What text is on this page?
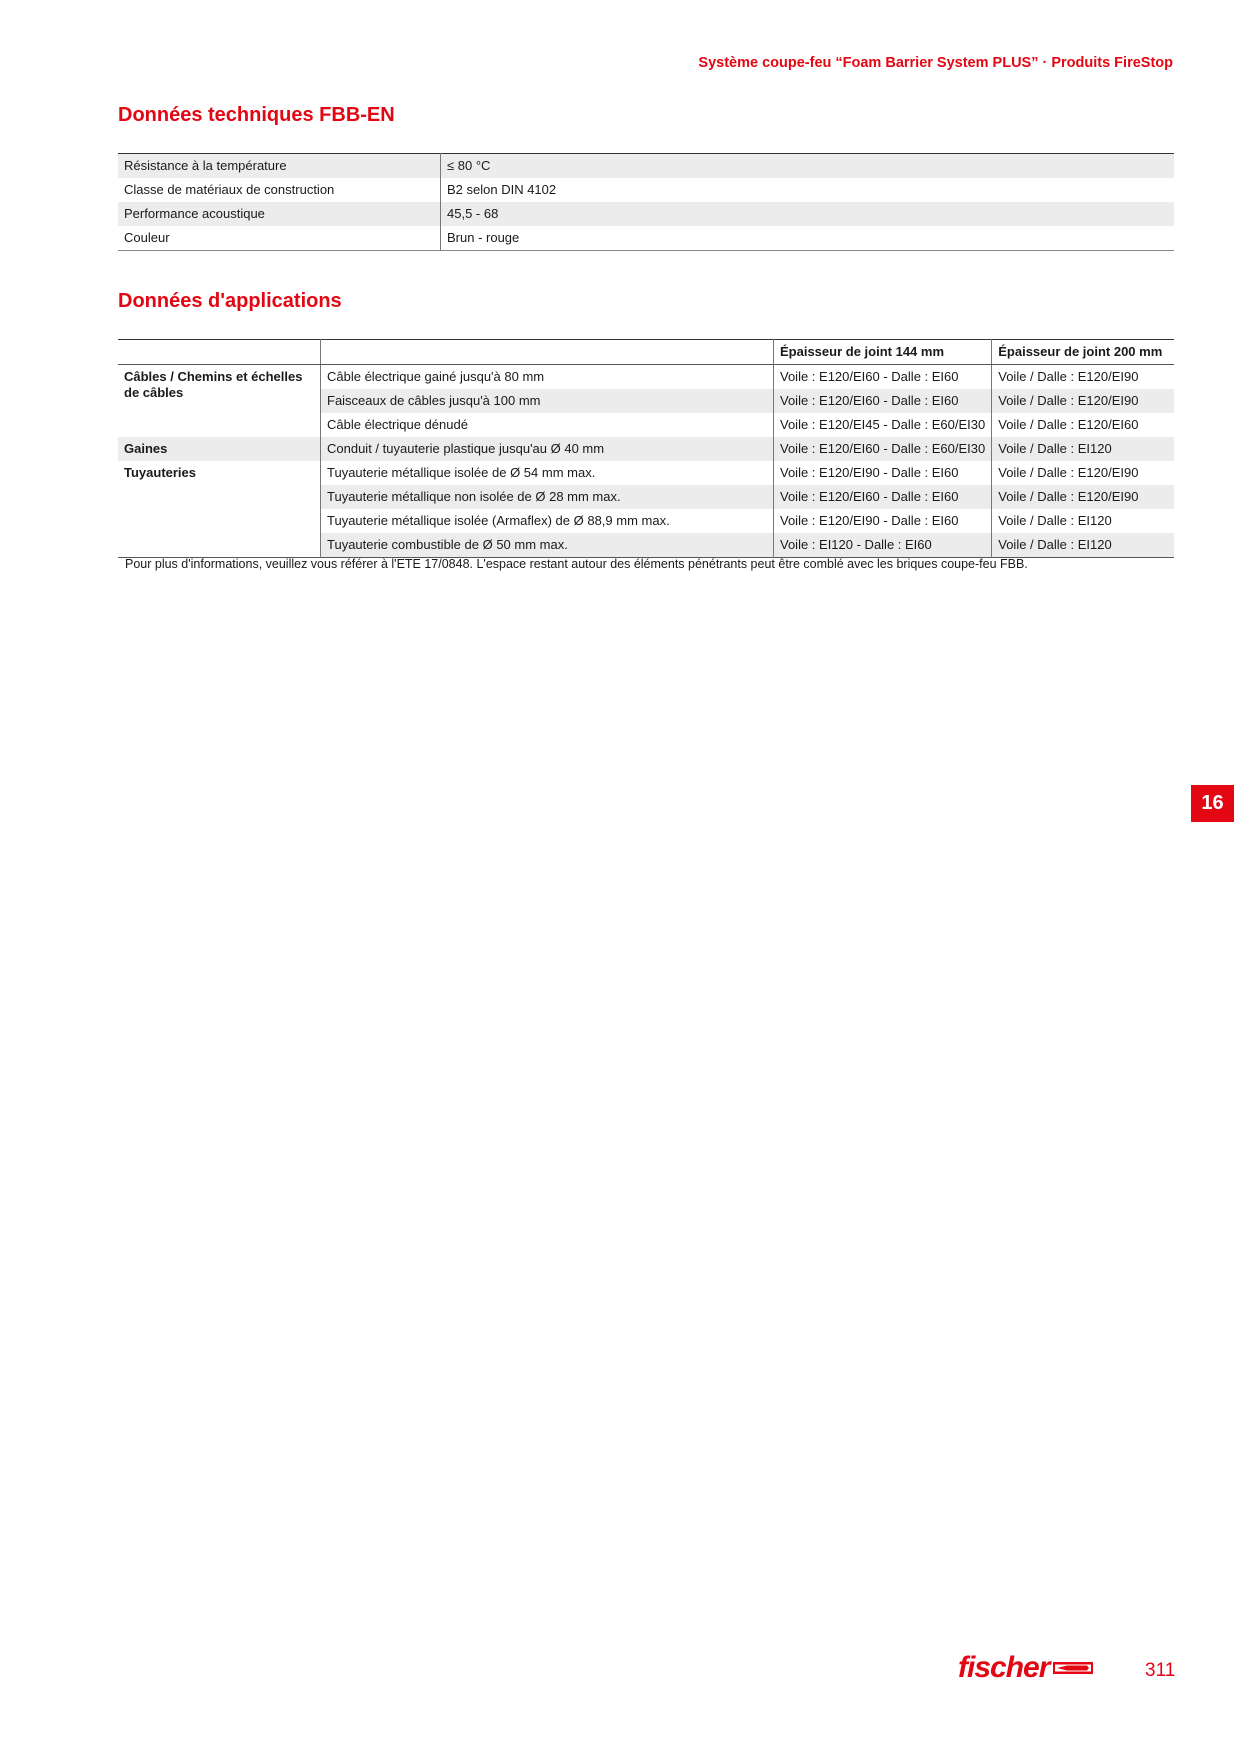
Système coupe-feu “Foam Barrier System PLUS” · Produits FireStop
Données techniques FBB-EN
Résistance à la température	≤ 80 °C
Classe de matériaux de construction	B2 selon DIN 4102
Performance acoustique	45,5 - 68
Couleur	Brun - rouge
Données d'applications
		Épaisseur de joint 144 mm	Épaisseur de joint 200 mm
Câbles / Chemins et échelles de câbles	Câble électrique gainé jusqu'à 80 mm	Voile : E120/EI60 - Dalle : EI60	Voile / Dalle : E120/EI90
	Faisceaux de câbles jusqu'à 100 mm	Voile : E120/EI60 - Dalle : EI60	Voile / Dalle : E120/EI90
	Câble électrique dénudé	Voile : E120/EI45 - Dalle : E60/EI30	Voile / Dalle : E120/EI60
Gaines	Conduit / tuyauterie plastique jusqu'au Ø 40 mm	Voile : E120/EI60 - Dalle : E60/EI30	Voile / Dalle : EI120
Tuyauteries	Tuyauterie métallique isolée de Ø 54 mm max.	Voile : E120/EI90 - Dalle : EI60	Voile / Dalle : E120/EI90
	Tuyauterie métallique non isolée de Ø 28 mm max.	Voile : E120/EI60 - Dalle : EI60	Voile / Dalle : E120/EI90
	Tuyauterie métallique isolée (Armaflex) de Ø 88,9 mm max.	Voile : E120/EI90 - Dalle : EI60	Voile / Dalle : EI120
	Tuyauterie combustible de Ø 50 mm max.	Voile : EI120 - Dalle : EI60	Voile / Dalle : EI120
Pour plus d'informations, veuillez vous référer à l'ETE 17/0848. L'espace restant autour des éléments pénétrants peut être comblé avec les briques coupe-feu FBB.
16
fischer	311
